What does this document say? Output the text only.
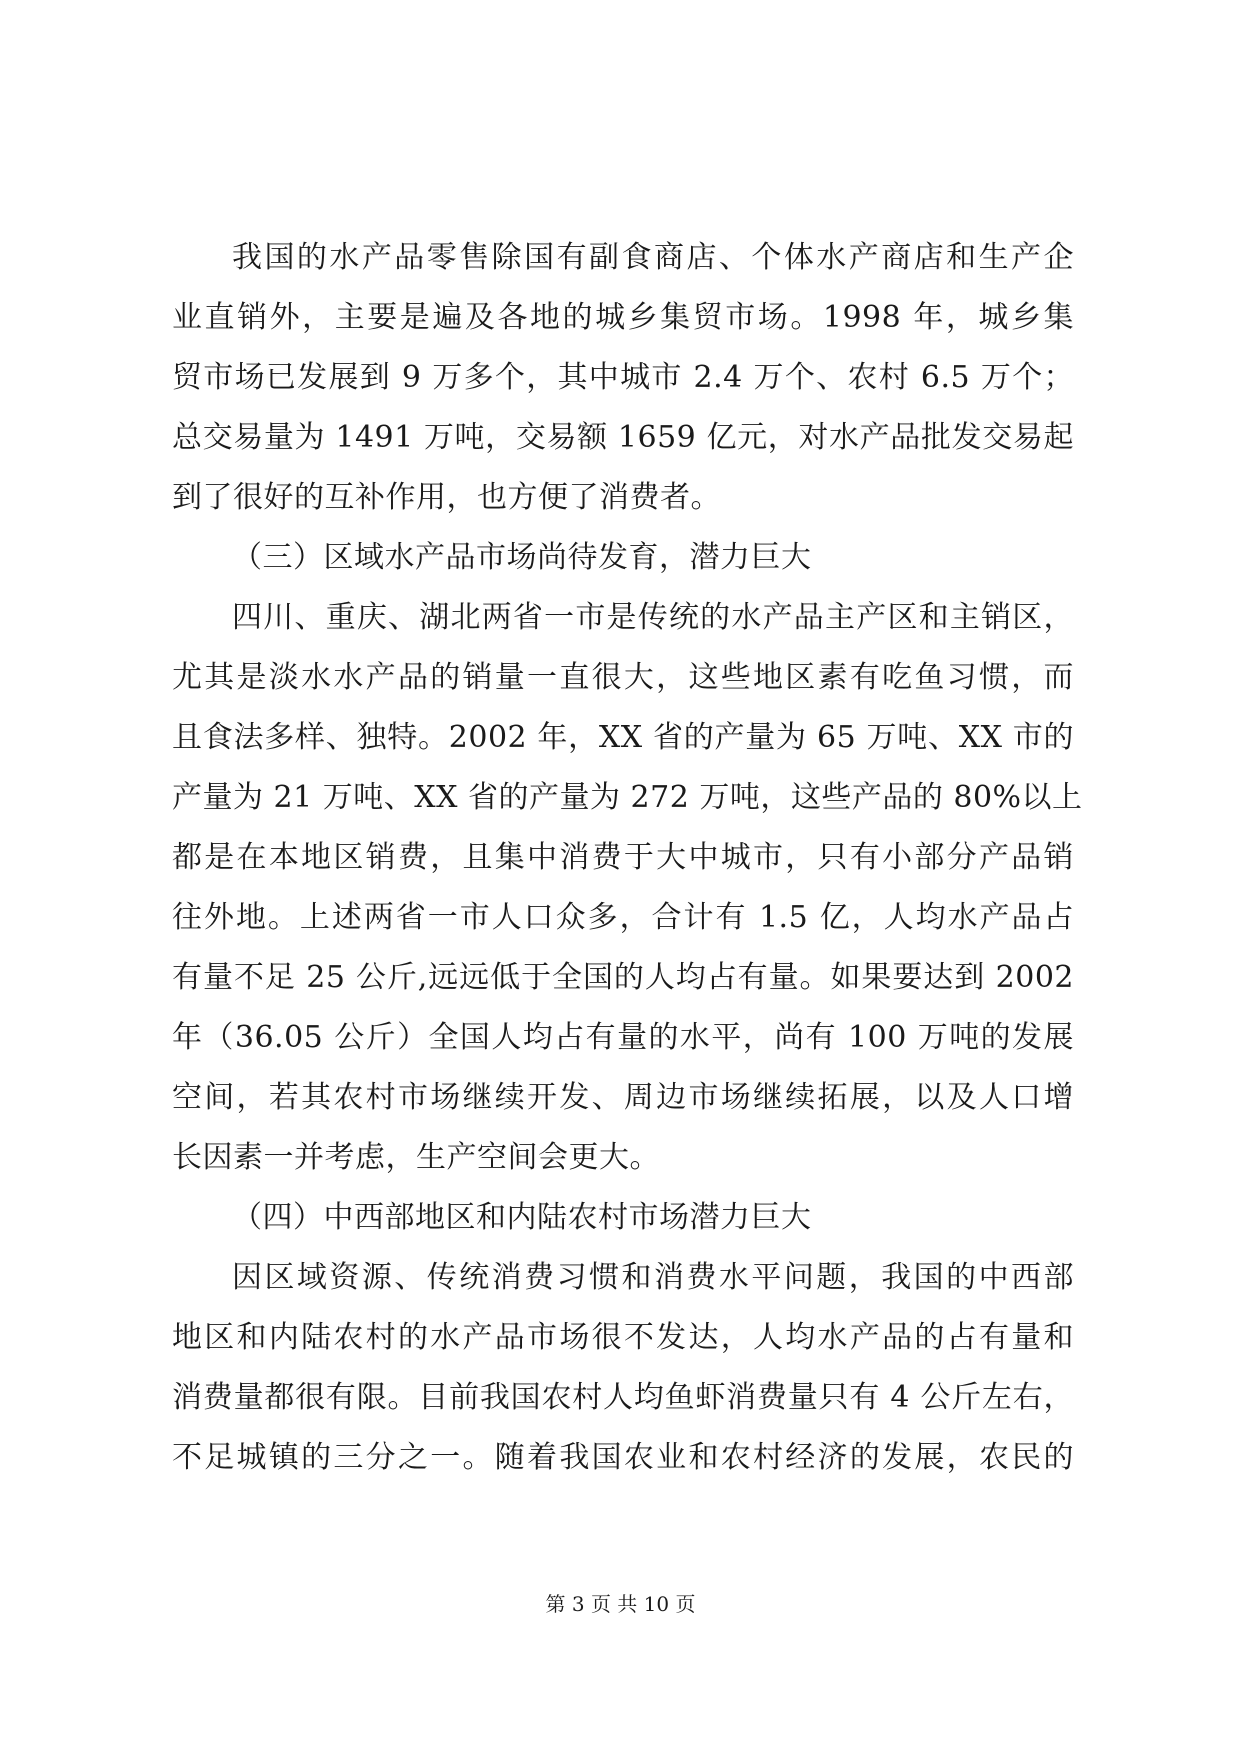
我国的水产品零售除国有副食商店、个体水产商店和生产企
业直销外，主要是遍及各地的城乡集贸市场。1998 年，城乡集
贸市场已发展到 9 万多个，其中城市 2.4 万个、农村 6.5 万个；
总交易量为 1491 万吨，交易额 1659 亿元，对水产品批发交易起
到了很好的互补作用，也方便了消费者。
（三）区域水产品市场尚待发育，潜力巨大
四川、重庆、湖北两省一市是传统的水产品主产区和主销区，
尤其是淡水水产品的销量一直很大，这些地区素有吃鱼习惯，而
且食法多样、独特。2002 年，XX 省的产量为 65 万吨、XX 市的
产量为 21 万吨、XX 省的产量为 272 万吨，这些产品的 80%以上
都是在本地区销费，且集中消费于大中城市，只有小部分产品销
往外地。上述两省一市人口众多，合计有 1.5 亿，人均水产品占
有量不足 25 公斤,远远低于全国的人均占有量。如果要达到 2002
年（36.05 公斤）全国人均占有量的水平，尚有 100 万吨的发展
空间，若其农村市场继续开发、周边市场继续拓展，以及人口增
长因素一并考虑，生产空间会更大。
（四）中西部地区和内陆农村市场潜力巨大
因区域资源、传统消费习惯和消费水平问题，我国的中西部
地区和内陆农村的水产品市场很不发达，人均水产品的占有量和
消费量都很有限。目前我国农村人均鱼虾消费量只有 4 公斤左右，
不足城镇的三分之一。随着我国农业和农村经济的发展，农民的
第 3 页 共 10 页
